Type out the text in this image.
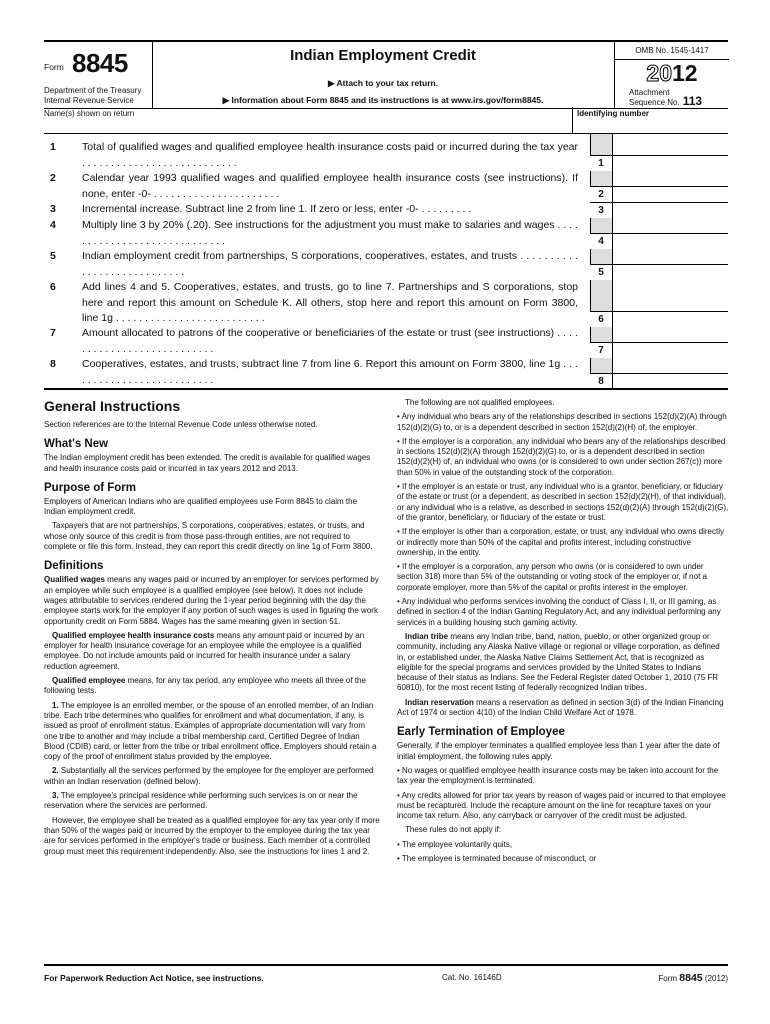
Form 8845
Department of the Treasury
Internal Revenue Service
Indian Employment Credit
▶ Attach to your tax return.
▶ Information about Form 8845 and its instructions is at www.irs.gov/form8845.
OMB No. 1545-1417
2012
Attachment
Sequence No. 113
Name(s) shown on return	Identifying number
1 Total of qualified wages and qualified employee health insurance costs paid or incurred during the tax year . . . . . . . . . . . . . . . . . . . . . . . . . . .	1
2 Calendar year 1993 qualified wages and qualified employee health insurance costs (see instructions). If none, enter -0- . . . . . . . . . . . . . . . . . . . . . .	2
3 Incremental increase. Subtract line 2 from line 1. If zero or less, enter -0- . . . . . . . . .	3
4 Multiply line 3 by 20% (.20). See instructions for the adjustment you must make to salaries and wages . . . . . . . . . . . . . . . . . . . . . . . . . . . . .	4
5 Indian employment credit from partnerships, S corporations, cooperatives, estates, and trusts . . . . . . . . . . . . . . . . . . . . . . . . . . . .	5
6 Add lines 4 and 5. Cooperatives, estates, and trusts, go to line 7. Partnerships and S corporations, stop here and report this amount on Schedule K. All others, stop here and report this amount on Form 3800, line 1g . . . . . . . . . . . . . . . . . . . . . . . . . .	6
7 Amount allocated to patrons of the cooperative or beneficiaries of the estate or trust (see instructions) . . . . . . . . . . . . . . . . . . . . . . . . . . .	7
8 Cooperatives, estates, and trusts, subtract line 7 from line 6. Report this amount on Form 3800, line 1g . . . . . . . . . . . . . . . . . . . . . . . . . .	8
General Instructions

Section references are to the Internal Revenue Code unless otherwise noted.

What's New

The Indian employment credit has been extended. The credit is available for qualified wages and health insurance costs paid or incurred in tax years 2012 and 2013.

Purpose of Form

Employers of American Indians who are qualified employees use Form 8845 to claim the Indian employment credit.

Taxpayers that are not partnerships, S corporations, cooperatives, estates, or trusts, and whose only source of this credit is from those pass-through entities, are not required to complete or file this form. Instead, they can report this credit directly on line 1g of Form 3800.

Definitions

Qualified wages means any wages paid or incurred by an employer for services performed by an employee while such employee is a qualified employee (see below). It does not include wages attributable to services rendered during the 1-year period beginning with the day the employee starts work for the employer if any portion of such wages is used in figuring the work opportunity credit on Form 5884. Wages has the same meaning given in section 51.

Qualified employee health insurance costs means any amount paid or incurred by an employer for health insurance coverage for an employee while the employee is a qualified employee. Do not include amounts paid or incurred for health insurance under a salary reduction agreement.

Qualified employee means, for any tax period, any employee who meets all three of the following tests.

1. The employee is an enrolled member, or the spouse of an enrolled member, of an Indian tribe. Each tribe determines who qualifies for enrollment and what documentation, if any, is issued as proof of enrollment status. Examples of appropriate documentation will vary from one tribe to another and may include a tribal membership card, Certified Degree of Indian Blood (CDIB) card, or letter from the tribe or tribal enrollment office. Employers should retain a copy of the proof of enrollment status provided by the employee.

2. Substantially all the services performed by the employee for the employer are performed within an Indian reservation (defined below).

3. The employee's principal residence while performing such services is on or near the reservation where the services are performed.

However, the employee shall be treated as a qualified employee for any tax year only if more than 50% of the wages paid or incurred by the employer to the employee during the tax year are for services performed in the employer's trade or business. Each member of a controlled group must meet this requirement independently. Also, see the instructions for lines 1 and 2.

The following are not qualified employees.

• Any individual who bears any of the relationships described in sections 152(d)(2)(A) through 152(d)(2)(G) to, or is a dependent described in section 152(d)(2)(H) of, the employer.

• If the employer is a corporation, any individual who bears any of the relationships described in sections 152(d)(2)(A) through 152(d)(2)(G) to, or is a dependent described in section 152(d)(2)(H) of, an individual who owns (or is considered to own under section 267(c)) more than 50% in value of the outstanding stock of the corporation.

• If the employer is an estate or trust, any individual who is a grantor, beneficiary, or fiduciary of the estate or trust (or a dependent, as described in section 152(d)(2)(H), of that individual), or any individual who is a relative, as described in sections 152(d)(2)(A) through 152(d)(2)(G), of the grantor, beneficiary, or fiduciary of the estate or trust.

• If the employer is other than a corporation, estate, or trust, any individual who owns directly or indirectly more than 50% of the capital and profits interest, including constructive ownership, in the entity.

• If the employer is a corporation, any person who owns (or is considered to own under section 318) more than 5% of the outstanding or voting stock of the employer or, if not a corporate employer, more than 5% of the capital or profits interest in the employer.

• Any individual who performs services involving the conduct of Class I, II, or III gaming, as defined in section 4 of the Indian Gaming Regulatory Act, and any individual performing any services in a building housing such gaming activity.

Indian tribe means any Indian tribe, band, nation, pueblo, or other organized group or community, including any Alaska Native village or regional or village corporation, as defined in, or established under, the Alaska Native Claims Settlement Act, that is recognized as eligible for the special programs and services provided by the United States to Indians because of their status as Indians. See the Federal Register dated October 1, 2010 (75 FR 60810), for the most recent listing of federally recognized Indian tribes.

Indian reservation means a reservation as defined in section 3(d) of the Indian Financing Act of 1974 or section 4(10) of the Indian Child Welfare Act of 1978.

Early Termination of Employee

Generally, if the employer terminates a qualified employee less than 1 year after the date of initial employment, the following rules apply.

• No wages or qualified employee health insurance costs may be taken into account for the tax year the employment is terminated.

• Any credits allowed for prior tax years by reason of wages paid or incurred to that employee must be recaptured. Include the recapture amount on the line for recapture taxes on your income tax return. Also, any carryback or carryover of the credit must be adjusted.

These rules do not apply if:

• The employee voluntarily quits,

• The employee is terminated because of misconduct, or

For Paperwork Reduction Act Notice, see instructions.	Cat. No. 16146D	Form 8845 (2012)
